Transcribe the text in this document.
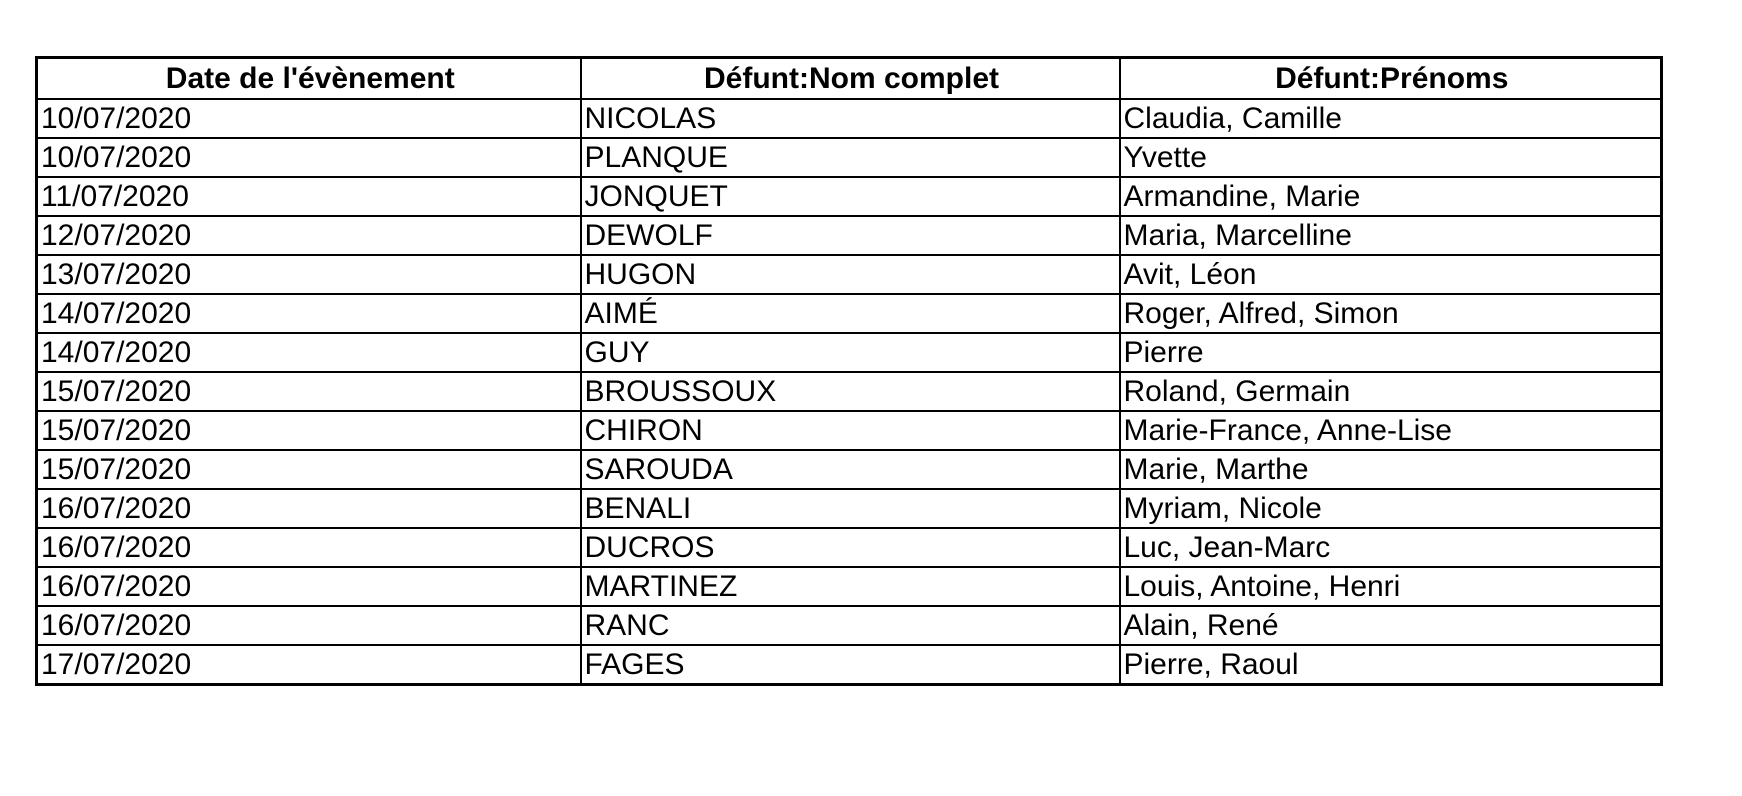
Date de l'évènement	Défunt:Nom complet	Défunt:Prénoms
10/07/2020	NICOLAS	Claudia, Camille
10/07/2020	PLANQUE	Yvette
11/07/2020	JONQUET	Armandine, Marie
12/07/2020	DEWOLF	Maria, Marcelline
13/07/2020	HUGON	Avit, Léon
14/07/2020	AIMÉ	Roger, Alfred, Simon
14/07/2020	GUY	Pierre
15/07/2020	BROUSSOUX	Roland, Germain
15/07/2020	CHIRON	Marie-France, Anne-Lise
15/07/2020	SAROUDA	Marie, Marthe
16/07/2020	BENALI	Myriam, Nicole
16/07/2020	DUCROS	Luc, Jean-Marc
16/07/2020	MARTINEZ	Louis, Antoine, Henri
16/07/2020	RANC	Alain, René
17/07/2020	FAGES	Pierre, Raoul
